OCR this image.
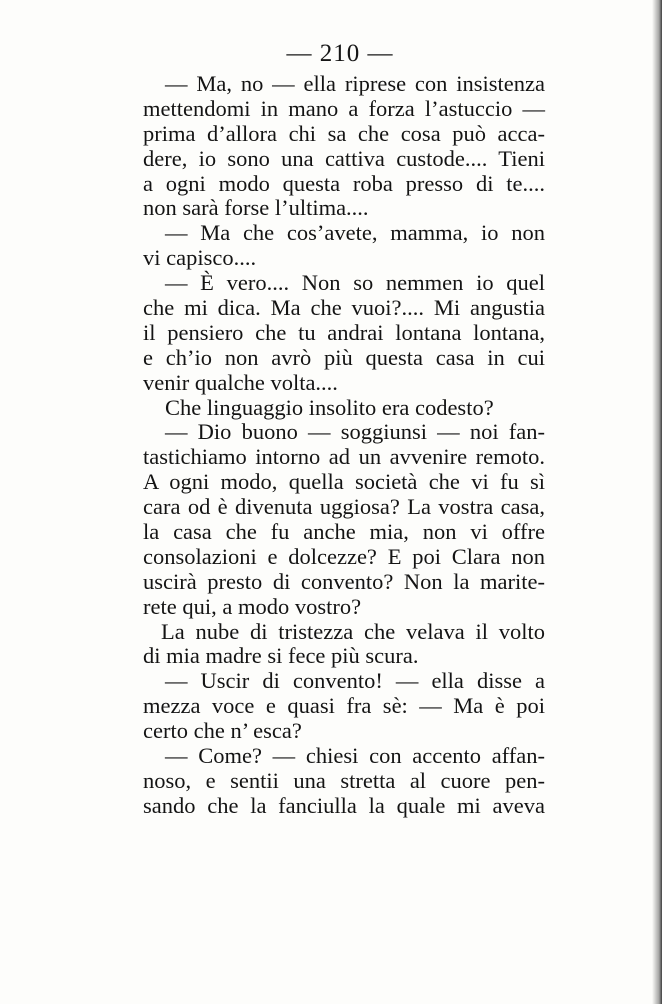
— 210 —
— Ma, no — ella riprese con insistenza
mettendomi in mano a forza l’astuccio —
prima d’allora chi sa che cosa può acca-
dere, io sono una cattiva custode.... Tieni
a ogni modo questa roba presso di te....
non sarà forse l’ultima....
— Ma che cos’avete, mamma, io non
vi capisco....
— È vero.... Non so nemmen io quel
che mi dica. Ma che vuoi?.... Mi angustia
il pensiero che tu andrai lontana lontana,
e ch’io non avrò più questa casa in cui
venir qualche volta....
Che linguaggio insolito era codesto?
— Dio buono — soggiunsi — noi fan-
tastichiamo intorno ad un avvenire remoto.
A ogni modo, quella società che vi fu sì
cara od è divenuta uggiosa? La vostra casa,
la casa che fu anche mia, non vi offre
consolazioni e dolcezze? E poi Clara non
uscirà presto di convento? Non la marite-
rete qui, a modo vostro?
La nube di tristezza che velava il volto
di mia madre si fece più scura.
— Uscir di convento! — ella disse a
mezza voce e quasi fra sè: — Ma è poi
certo che n’ esca?
— Come? — chiesi con accento affan-
noso, e sentii una stretta al cuore pen-
sando che la fanciulla la quale mi aveva
